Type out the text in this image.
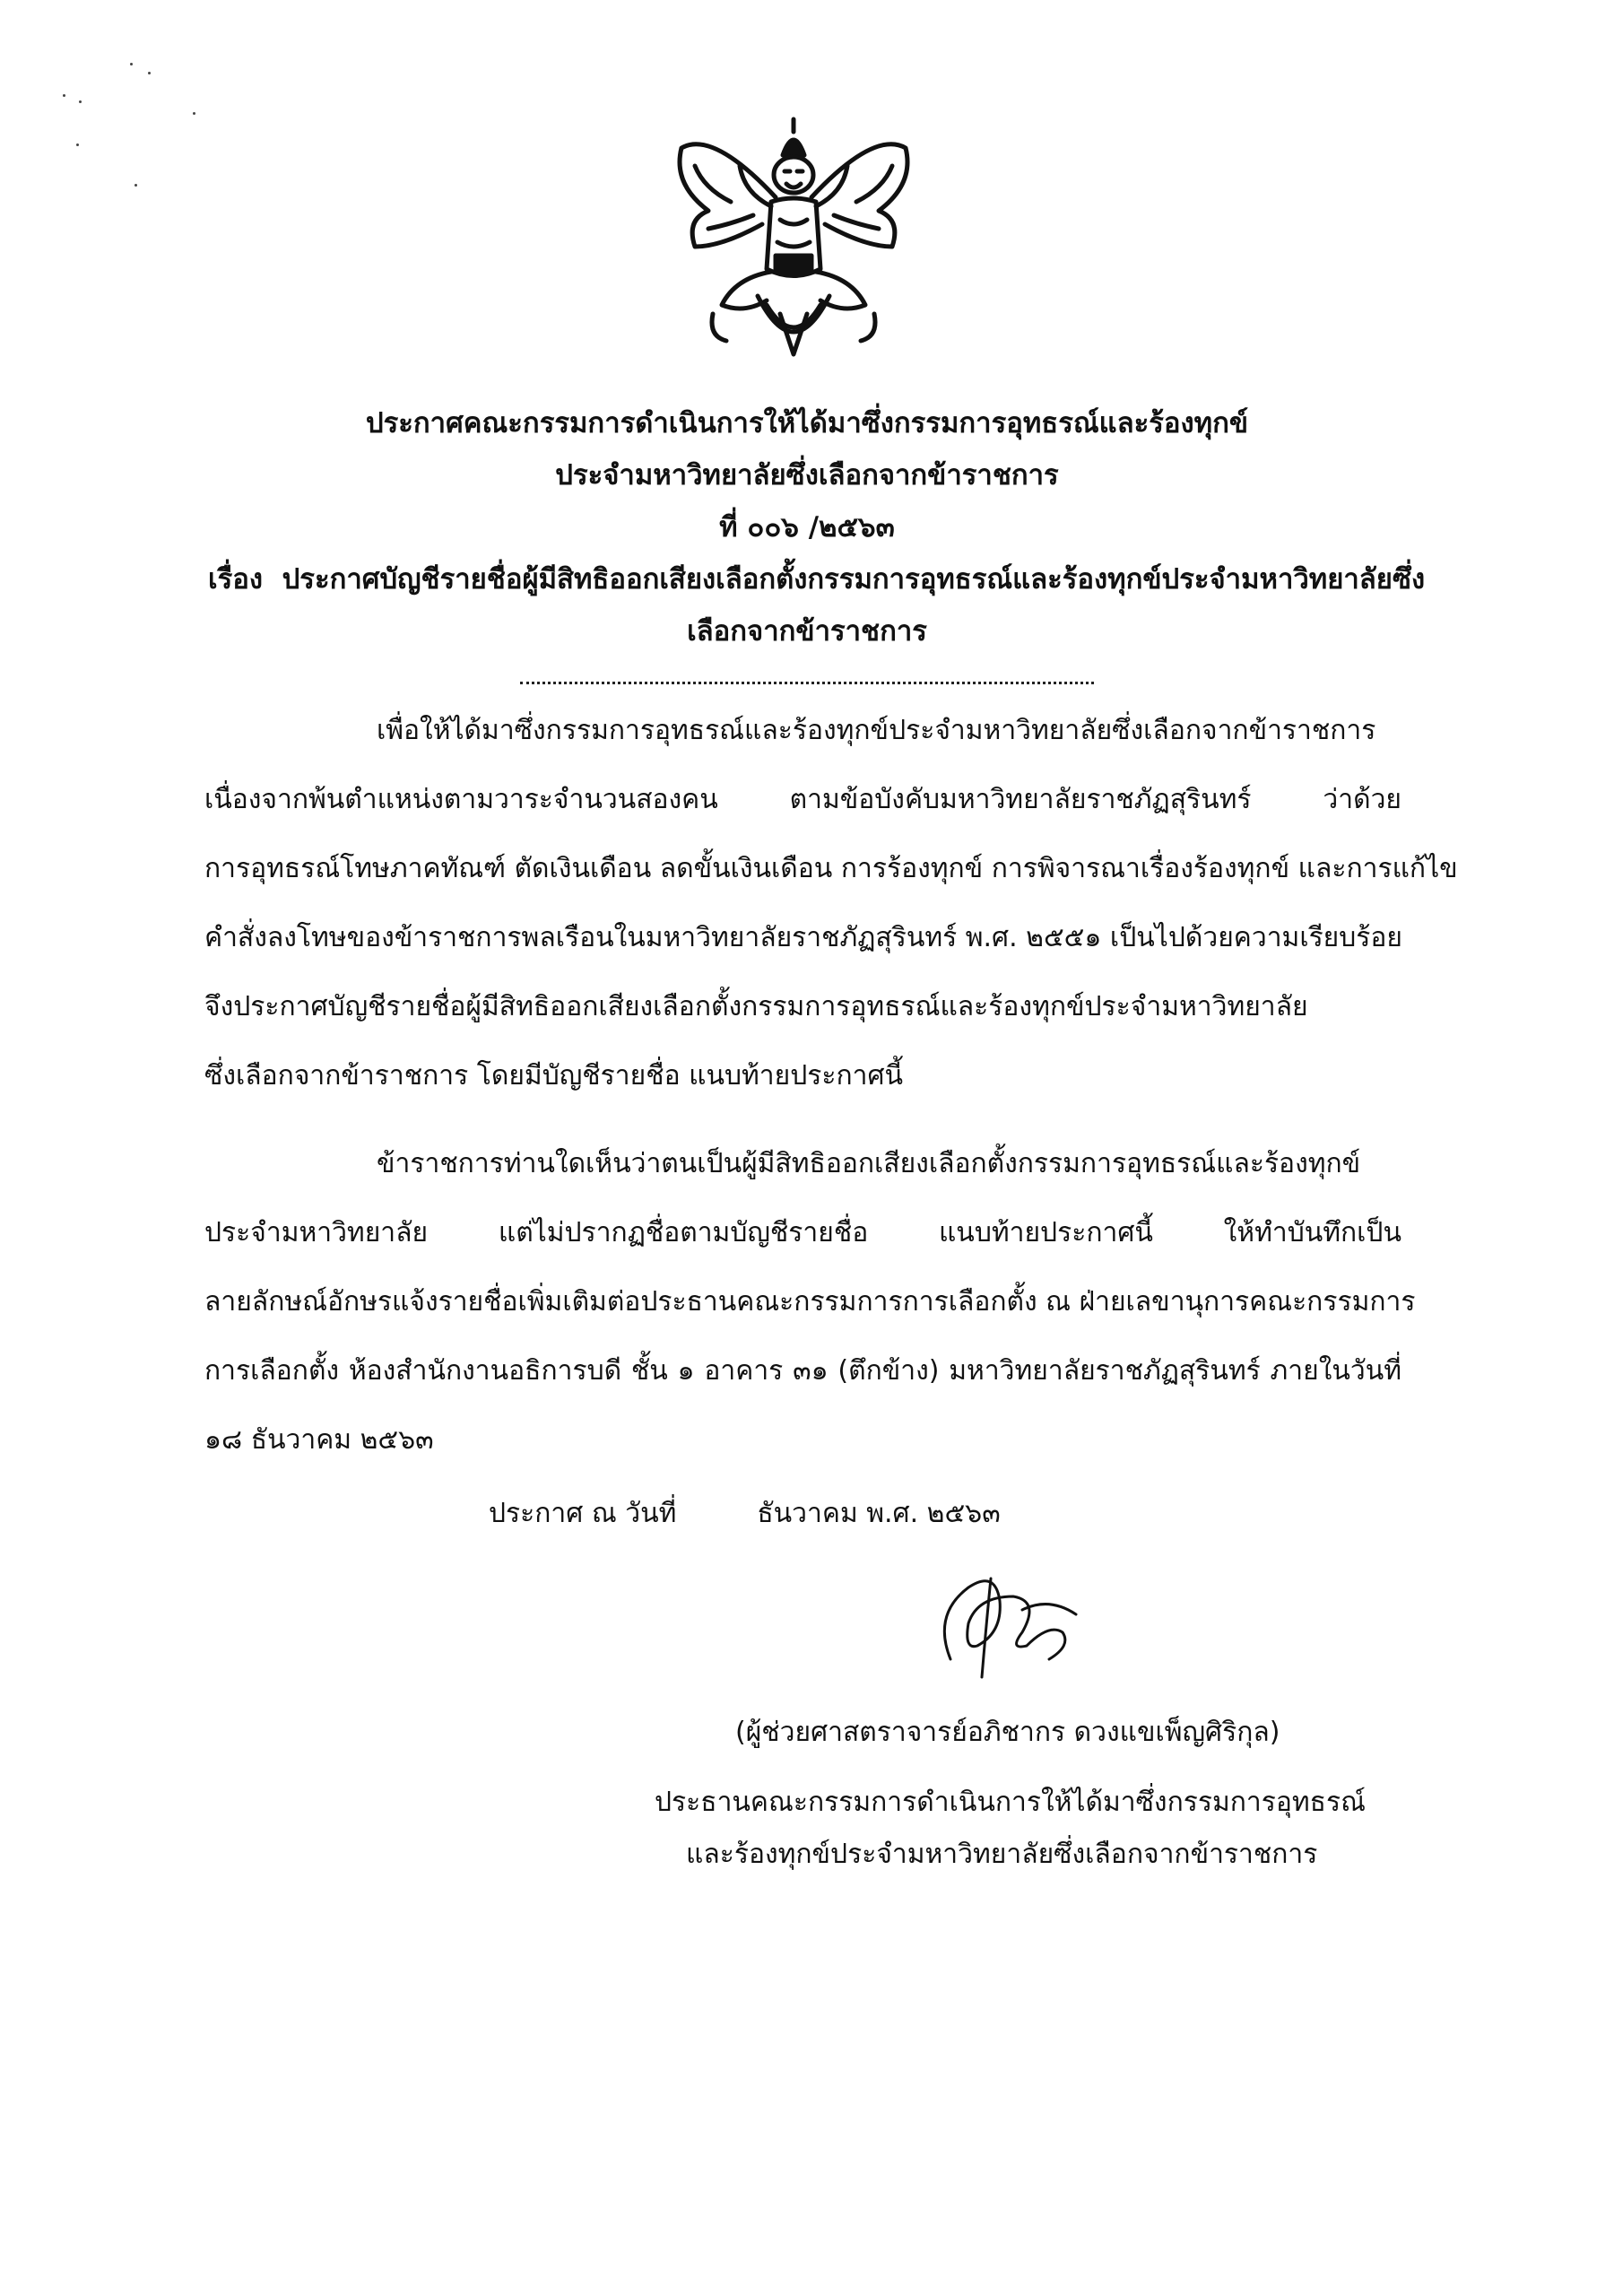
ประกาศคณะกรรมการดำเนินการให้ได้มาซึ่งกรรมการอุทธรณ์และร้องทุกข์
ประจำมหาวิทยาลัยซึ่งเลือกจากข้าราชการ
ที่ ๐๐๖ /๒๕๖๓
เรื่อง ประกาศบัญชีรายชื่อผู้มีสิทธิออกเสียงเลือกตั้งกรรมการอุทธรณ์และร้องทุกข์ประจำมหาวิทยาลัยซึ่ง
เลือกจากข้าราชการ
เพื่อให้ได้มาซึ่งกรรมการอุทธรณ์และร้องทุกข์ประจำมหาวิทยาลัยซึ่งเลือกจากข้าราชการ
เนื่องจากพ้นตำแหน่งตามวาระจำนวนสองคน ตามข้อบังคับมหาวิทยาลัยราชภัฏสุรินทร์ ว่าด้วย
การอุทธรณ์โทษภาคทัณฑ์ ตัดเงินเดือน ลดขั้นเงินเดือน การร้องทุกข์ การพิจารณาเรื่องร้องทุกข์ และการแก้ไข
คำสั่งลงโทษของข้าราชการพลเรือนในมหาวิทยาลัยราชภัฏสุรินทร์ พ.ศ. ๒๕๕๑ เป็นไปด้วยความเรียบร้อย
จึงประกาศบัญชีรายชื่อผู้มีสิทธิออกเสียงเลือกตั้งกรรมการอุทธรณ์และร้องทุกข์ประจำมหาวิทยาลัย
ซึ่งเลือกจากข้าราชการ โดยมีบัญชีรายชื่อ แนบท้ายประกาศนี้
ข้าราชการท่านใดเห็นว่าตนเป็นผู้มีสิทธิออกเสียงเลือกตั้งกรรมการอุทธรณ์และร้องทุกข์
ประจำมหาวิทยาลัย แต่ไม่ปรากฏชื่อตามบัญชีรายชื่อ แนบท้ายประกาศนี้ ให้ทำบันทึกเป็น
ลายลักษณ์อักษรแจ้งรายชื่อเพิ่มเติมต่อประธานคณะกรรมการการเลือกตั้ง ณ ฝ่ายเลขานุการคณะกรรมการ
การเลือกตั้ง ห้องสำนักงานอธิการบดี ชั้น ๑ อาคาร ๓๑ (ตึกข้าง) มหาวิทยาลัยราชภัฏสุรินทร์ ภายในวันที่
๑๘ ธันวาคม ๒๕๖๓
ประกาศ ณ วันที่	ธันวาคม พ.ศ. ๒๕๖๓
(ผู้ช่วยศาสตราจารย์อภิชากร ดวงแขเพ็ญศิริกุล)
ประธานคณะกรรมการดำเนินการให้ได้มาซึ่งกรรมการอุทธรณ์
และร้องทุกข์ประจำมหาวิทยาลัยซึ่งเลือกจากข้าราชการ
